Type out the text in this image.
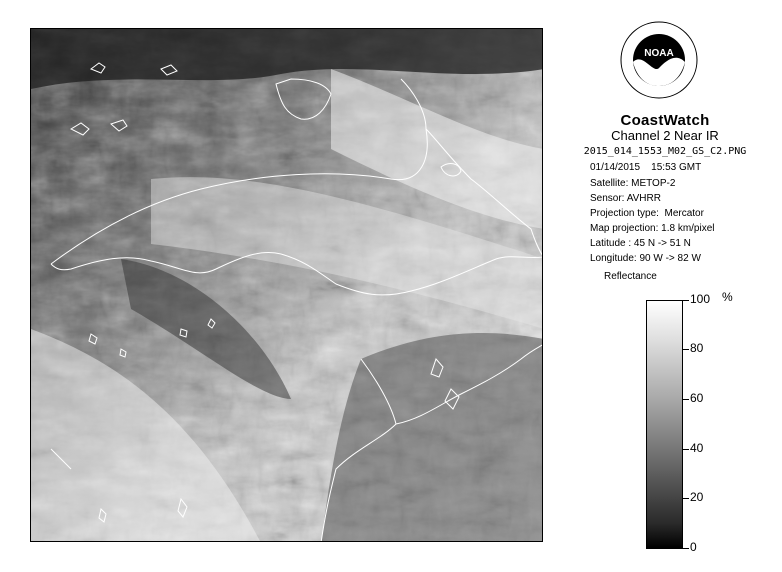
NOAA
CoastWatch
Channel 2 Near IR
2015_014_1553_M02_GS_C2.PNG
01/14/2015    15:53 GMT
Satellite: METOP-2
Sensor: AVHRR
Projection type:  Mercator
Map projection: 1.8 km/pixel
Latitude : 45 N -> 51 N
Longitude: 90 W -> 82 W
Reflectance
%
100
80
60
40
20
0
